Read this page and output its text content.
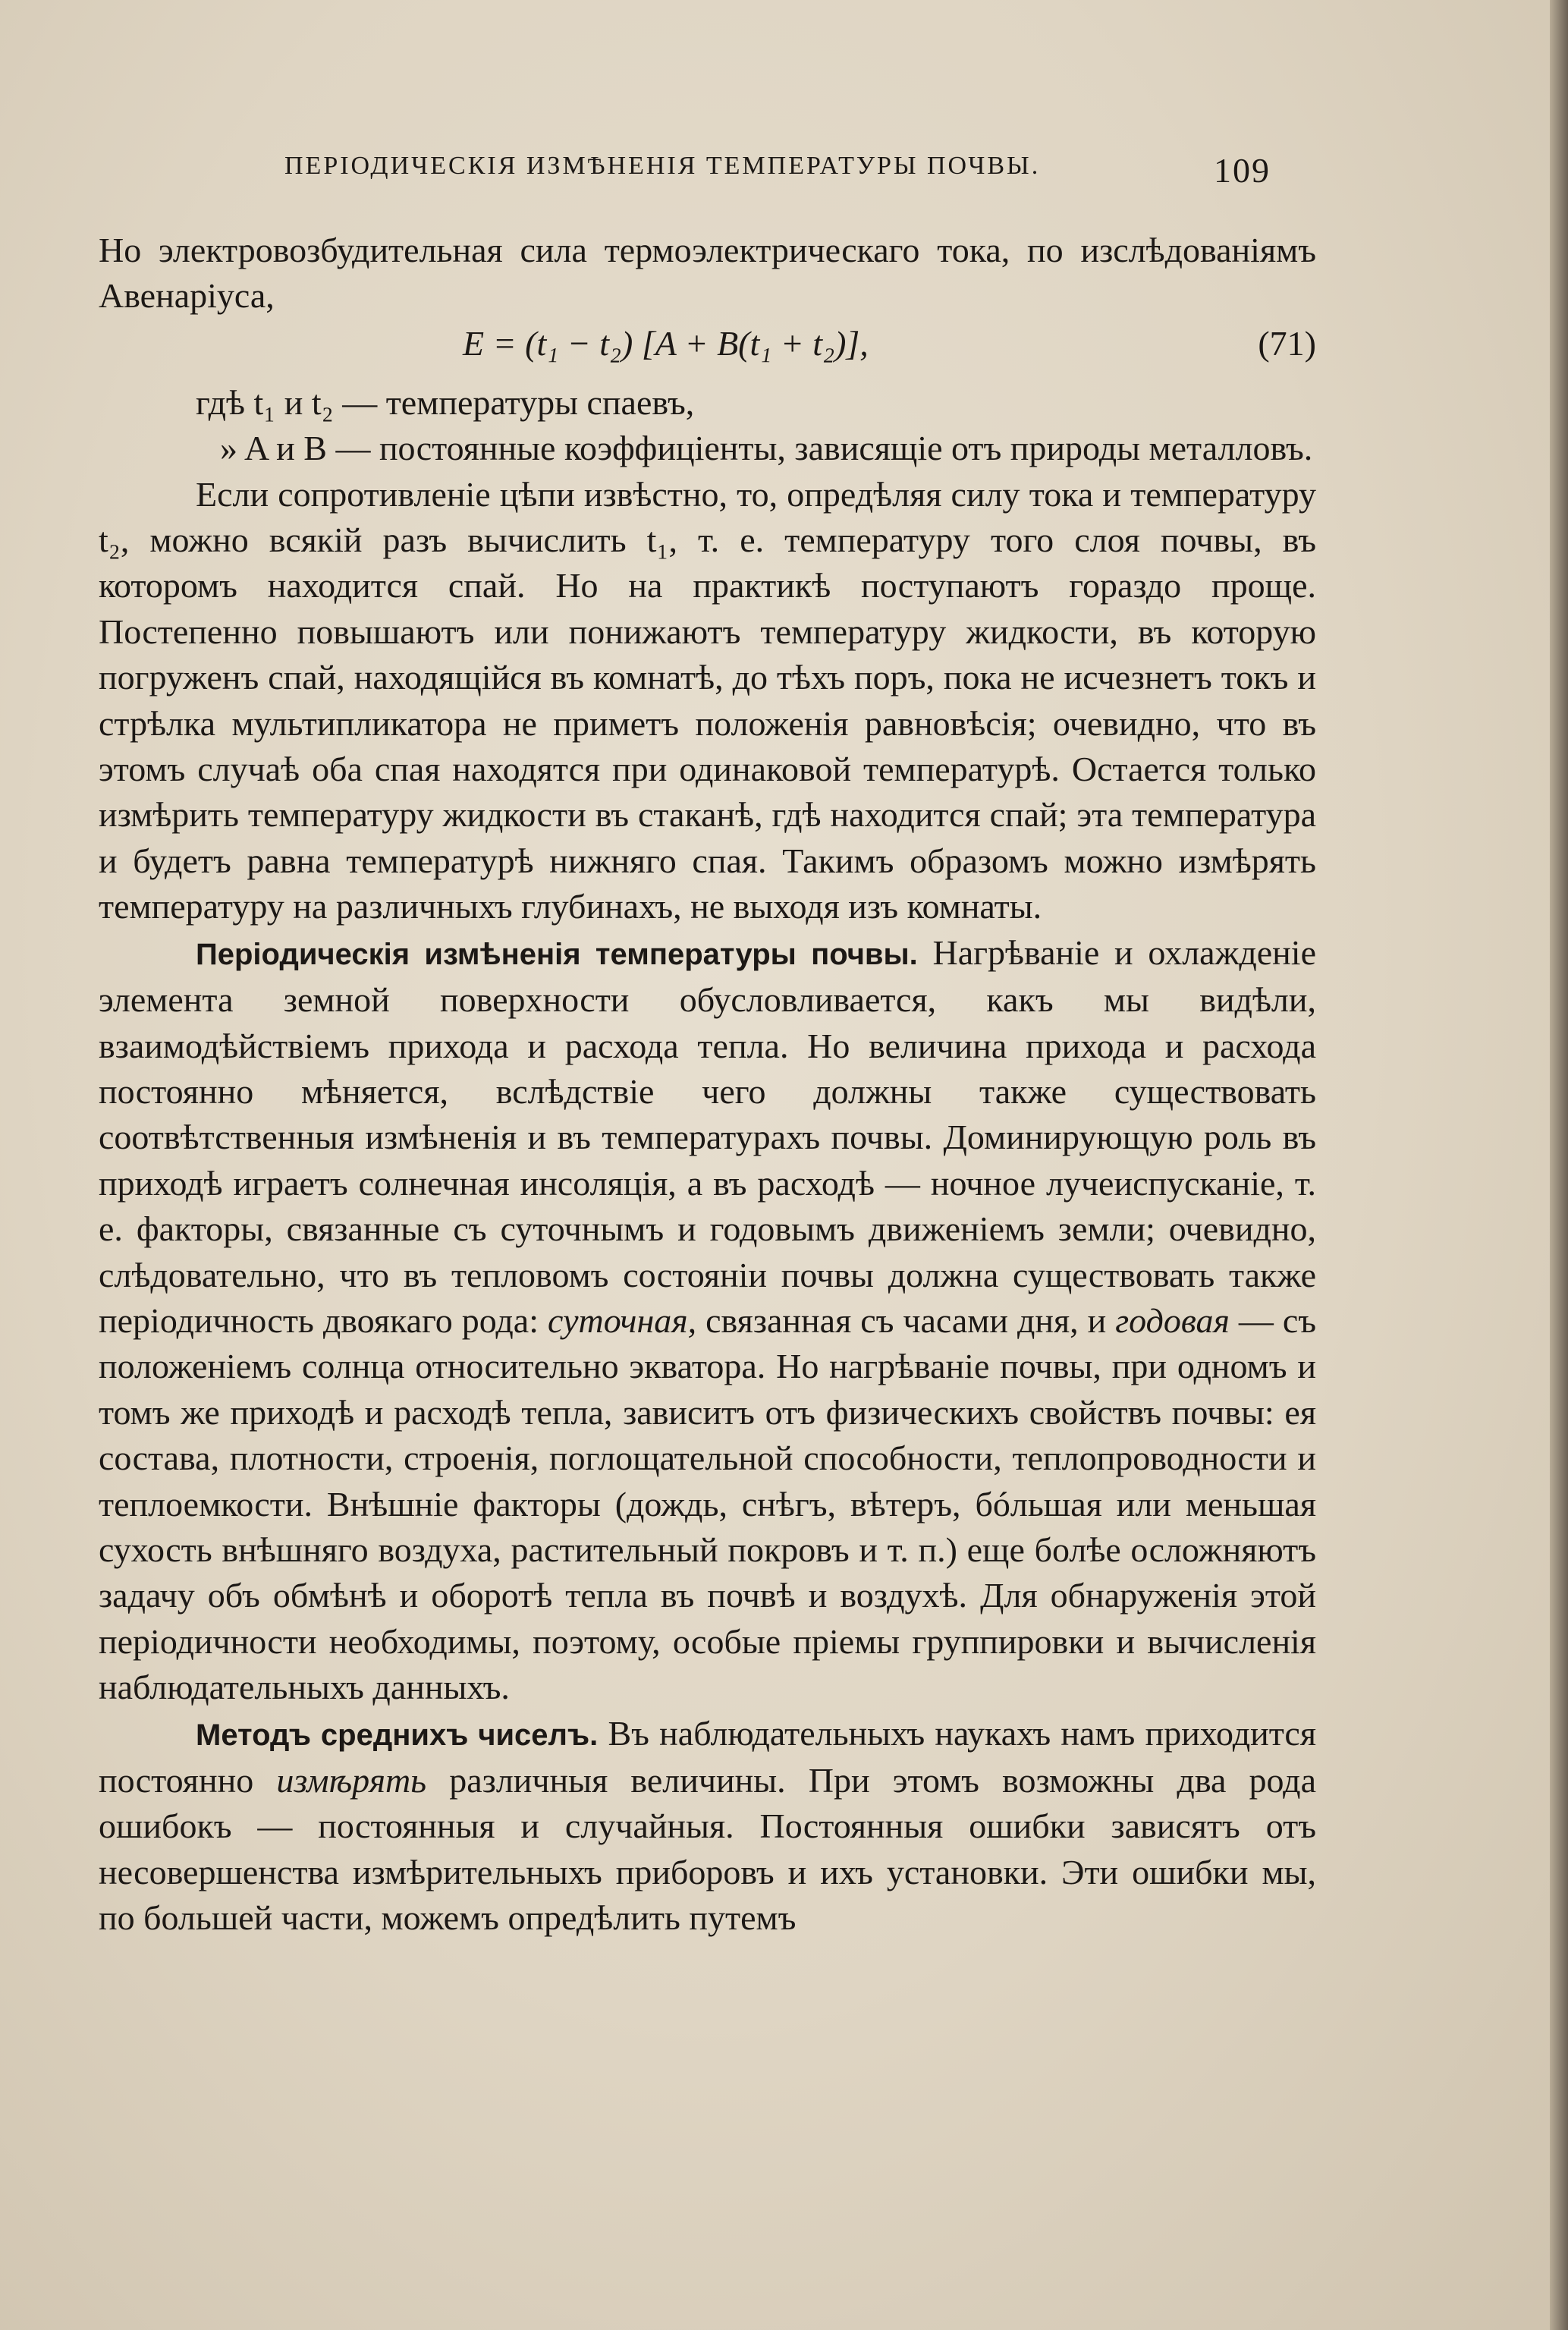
ПЕРІОДИЧЕСКІЯ ИЗМѢНЕНІЯ ТЕМПЕРАТУРЫ ПОЧВЫ.	109

Но электровозбудительная сила термоэлектрическаго тока, по изслѣдованіямъ Авенаріуса,

E = (t₁ − t₂) [A + B(t₁ + t₂)],	(71)

гдѣ t₁ и t₂ — температуры спаевъ,

» A и B — постоянные коэффиціенты, зависящіе отъ природы металловъ.

Если сопротивленіе цѣпи извѣстно, то, опредѣляя силу тока и температуру t₂, можно всякій разъ вычислить t₁, т. е. температуру того слоя почвы, въ которомъ находится спай. Но на практикѣ поступаютъ гораздо проще. Постепенно повышаютъ или понижаютъ температуру жидкости, въ которую погруженъ спай, находящійся въ комнатѣ, до тѣхъ поръ, пока не исчезнетъ токъ и стрѣлка мультипликатора не приметъ положенія равновѣсія; очевидно, что въ этомъ случаѣ оба спая находятся при одинаковой температурѣ. Остается только измѣрить температуру жидкости въ стаканѣ, гдѣ находится спай; эта температура и будетъ равна температурѣ нижняго спая. Такимъ образомъ можно измѣрять температуру на различныхъ глубинахъ, не выходя изъ комнаты.

Періодическія измѣненія температуры почвы. Нагрѣваніе и охлажденіе элемента земной поверхности обусловливается, какъ мы видѣли, взаимодѣйствіемъ прихода и расхода тепла. Но величина прихода и расхода постоянно мѣняется, вслѣдствіе чего должны также существовать соотвѣтственныя измѣненія и въ температурахъ почвы. Доминирующую роль въ приходѣ играетъ солнечная инсоляція, а въ расходѣ — ночное лучеиспусканіе, т. е. факторы, связанные съ суточнымъ и годовымъ движеніемъ земли; очевидно, слѣдовательно, что въ тепловомъ состояніи почвы должна существовать также періодичность двоякаго рода: суточная, связанная съ часами дня, и годовая — съ положеніемъ солнца относительно экватора. Но нагрѣваніе почвы, при одномъ и томъ же приходѣ и расходѣ тепла, зависитъ отъ физическихъ свойствъ почвы: ея состава, плотности, строенія, поглощательной способности, теплопроводности и теплоемкости. Внѣшніе факторы (дождь, снѣгъ, вѣтеръ, бóльшая или меньшая сухость внѣшняго воздуха, растительный покровъ и т. п.) еще болѣе осложняютъ задачу объ обмѣнѣ и оборотѣ тепла въ почвѣ и воздухѣ. Для обнаруженія этой періодичности необходимы, поэтому, особые пріемы группировки и вычисленія наблюдательныхъ данныхъ.

Методъ среднихъ чиселъ. Въ наблюдательныхъ наукахъ намъ приходится постоянно измѣрять различныя величины. При этомъ возможны два рода ошибокъ — постоянныя и случайныя. Постоянныя ошибки зависятъ отъ несовершенства измѣрительныхъ приборовъ и ихъ установки. Эти ошибки мы, по большей части, можемъ опредѣлить путемъ
